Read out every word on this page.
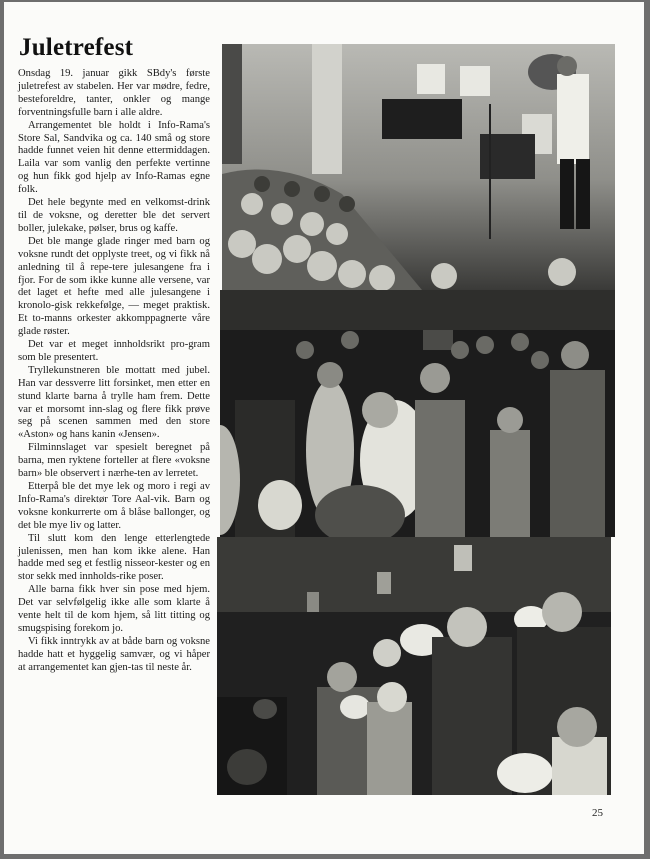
Juletrefest

Onsdag 19. januar gikk SBdy's første juletrefest av stabelen. Her var mødre, fedre, besteforeldre, tanter, onkler og mange forventningsfulle barn i alle aldre.

Arrangementet ble holdt i Info-Rama's Store Sal, Sandvika og ca. 140 små og store hadde funnet veien hit denne ettermiddagen. Laila var som vanlig den perfekte vertinne og hun fikk god hjelp av Info-Ramas egne folk.

Det hele begynte med en velkomst-drink til de voksne, og deretter ble det servert boller, julekake, pølser, brus og kaffe.

Det ble mange glade ringer med barn og voksne rundt det opplyste treet, og vi fikk nå anledning til å repe-tere julesangene fra i fjor. For de som ikke kunne alle versene, var det laget et hefte med alle julesangene i kronolo-gisk rekkefølge, — meget praktisk. Et to-manns orkester akkomppagnerte våre glade røster.

Det var et meget innholdsrikt pro-gram som ble presentert.

Tryllekunstneren ble mottatt med jubel. Han var dessverre litt forsinket, men etter en stund klarte barna å trylle ham frem. Dette var et morsomt inn-slag og flere fikk prøve seg på scenen sammen med den store «Aston» og hans kanin «Jensen».

Filminnslaget var spesielt beregnet på barna, men ryktene forteller at flere «voksne barn» ble observert i nærhe-ten av lerretet.

Etterpå ble det mye lek og moro i regi av Info-Rama's direktør Tore Aal-vik. Barn og voksne konkurrerte om å blåse ballonger, og det ble mye liv og latter.

Til slutt kom den lenge etterlengtede julenissen, men han kom ikke alene. Han hadde med seg et festlig nisseor-kester og en stor sekk med innholds-rike poser.

Alle barna fikk hver sin pose med hjem. Det var selvfølgelig ikke alle som klarte å vente helt til de kom hjem, så litt titting og smugspising forekom jo.

Vi fikk inntrykk av at både barn og voksne hadde hatt et hyggelig samvær, og vi håper at arrangementet kan gjen-tas til neste år.

25
